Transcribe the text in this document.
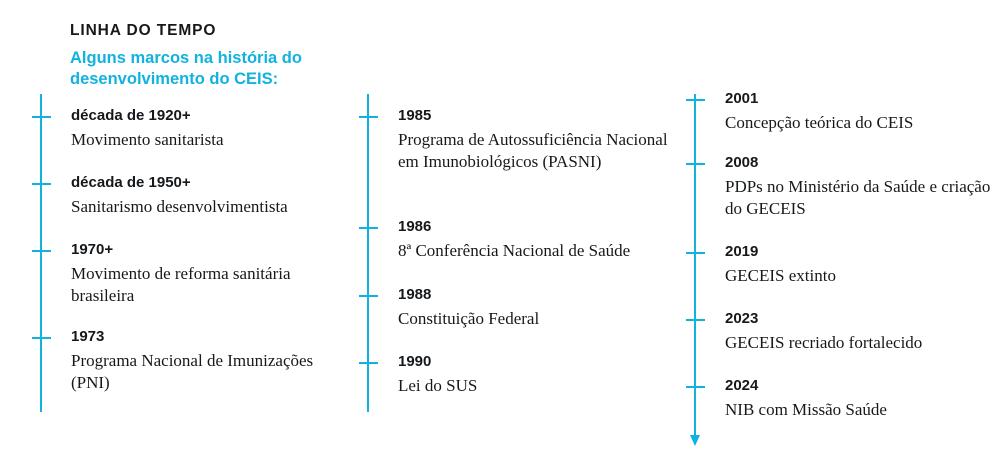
LINHA DO TEMPO
Alguns marcos na história do desenvolvimento do CEIS:
década de 1920+
Movimento sanitarista
década de 1950+
Sanitarismo desenvolvimentista
1970+
Movimento de reforma sanitária brasileira
1973
Programa Nacional de Imunizações (PNI)
1985
Programa de Autossuficiência Nacional em Imunobiológicos (PASNI)
1986
8ª Conferência Nacional de Saúde
1988
Constituição Federal
1990
Lei do SUS
2001
Concepção teórica do CEIS
2008
PDPs no Ministério da Saúde e criação do GECEIS
2019
GECEIS extinto
2023
GECEIS recriado fortalecido
2024
NIB com Missão Saúde
